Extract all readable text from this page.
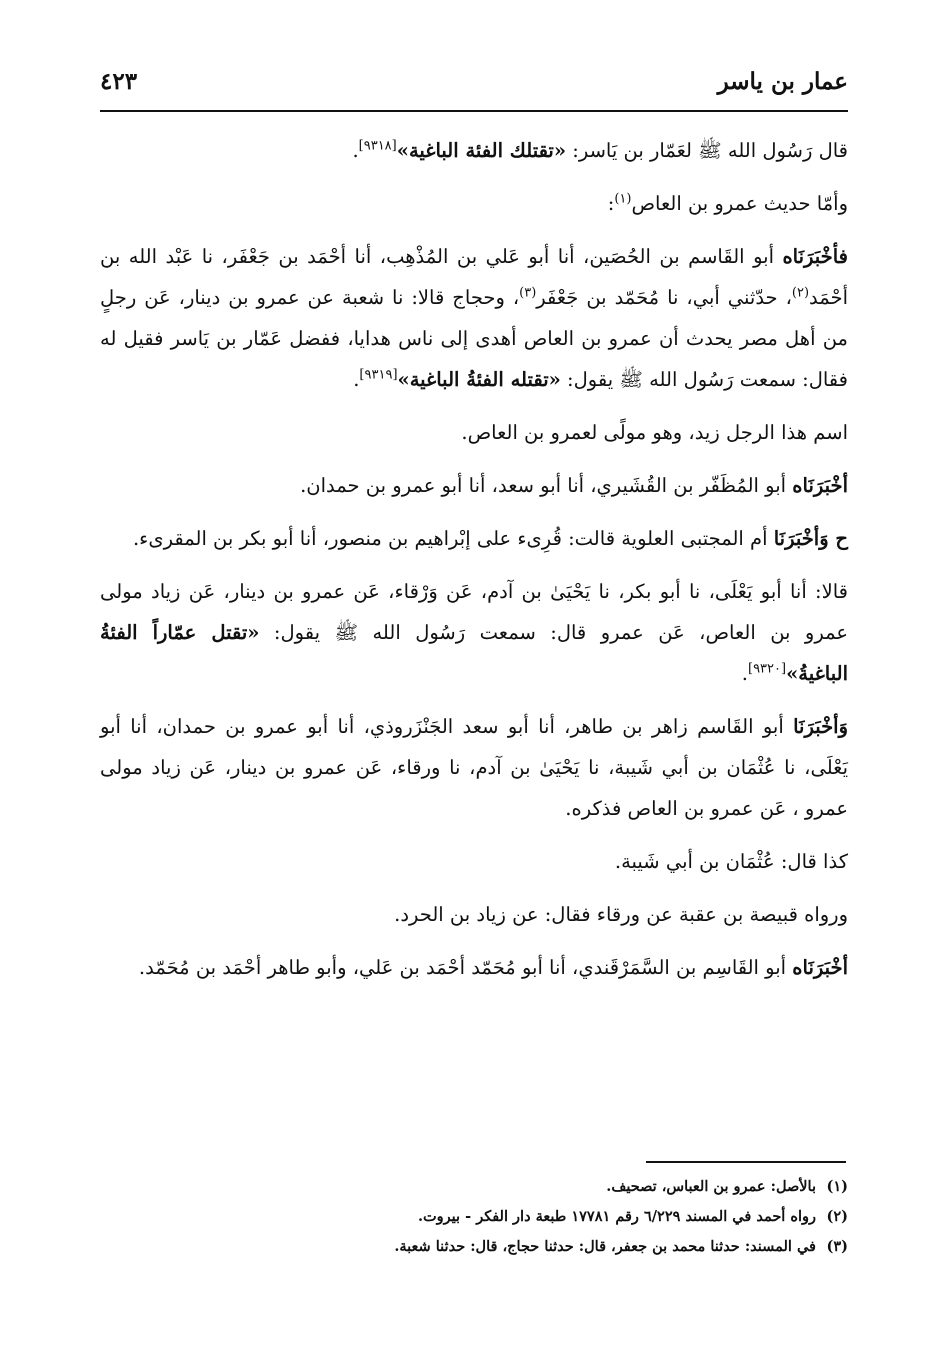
عمار بن ياسر
٤٢٣

قال رَسُول الله ﷺ لعَمّار بن يَاسر: «تقتلك الفئة الباغية»[٩٣١٨].

وأمّا حديث عمرو بن العاص$^{(١)}$:

فأخْبَرَنَاه أبو القَاسم بن الحُصَين، أنا أبو عَلي بن المُذْهِب، أنا أحْمَد بن جَعْفَر، نا عَبْد الله بن أحْمَد$^{(٢)}$، حدّثني أبي، نا مُحَمّد بن جَعْفَر$^{(٣)}$، وحجاج قالا: نا شعبة عن عمرو بن دينار، عَن رجلٍ من أهل مصر يحدث أن عمرو بن العاص أهدى إلى ناس هدايا، ففضل عَمّار بن يَاسر فقيل له فقال: سمعت رَسُول الله ﷺ يقول: «تقتله الفئةُ الباغية»[٩٣١٩].

اسم هذا الرجل زيد، وهو مولًى لعمرو بن العاص.

أخْبَرَنَاه أبو المُظَفّر بن القُشَيري، أنا أبو سعد، أنا أبو عمرو بن حمدان.

ح وَأخْبَرَنَا أم المجتبى العلوية قالت: قُرِىء على إبْراهيم بن منصور، أنا أبو بكر بن المقرىء.

قالا: أنا أبو يَعْلَى، نا أبو بكر، نا يَحْيَىٰ بن آدم، عَن وَرْقاء، عَن عمرو بن دينار، عَن زياد مولى عمرو بن العاص، عَن عمرو قال: سمعت رَسُول الله ﷺ يقول: «تقتل عمّاراً الفئةُ الباغيةُ»[٩٣٢٠].

وَأخْبَرَنَا أبو القَاسم زاهر بن طاهر، أنا أبو سعد الجَنْزَروذي، أنا أبو عمرو بن حمدان، أنا أبو يَعْلَى، نا عُثْمَان بن أبي شَيبة، نا يَحْيَىٰ بن آدم، نا ورقاء، عَن عمرو بن دينار، عَن زياد مولى عمرو ، عَن عمرو بن العاص فذكره.

كذا قال: عُثْمَان بن أبي شَيبة.

ورواه قبيصة بن عقبة عن ورقاء فقال: عن زياد بن الحرد.

أخْبَرَنَاه أبو القَاسِم بن السَّمَرْقَندي، أنا أبو مُحَمّد أحْمَد بن عَلي، وأبو طاهر أحْمَد بن مُحَمّد.

(١)بالأصل: عمرو بن العباس، تصحيف.

(٢)رواه أحمد في المسند ٦/٢٢٩ رقم ١٧٧٨١ طبعة دار الفكر - بيروت.

(٣)في المسند: حدثنا محمد بن جعفر، قال: حدثنا حجاج، قال: حدثنا شعبة.
